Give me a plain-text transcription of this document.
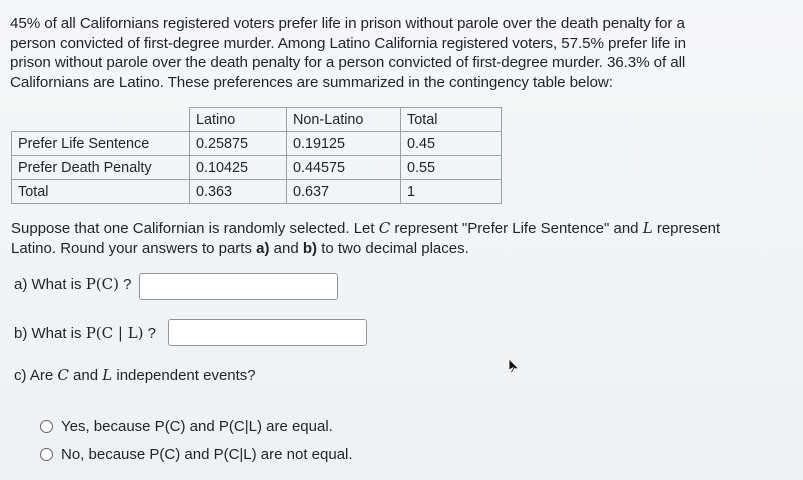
45% of all Californians registered voters prefer life in prison without parole over the death penalty for a
person convicted of first-degree murder. Among Latino California registered voters, 57.5% prefer life in
prison without parole over the death penalty for a person convicted of first-degree murder. 36.3% of all
Californians are Latino. These preferences are summarized in the contingency table below:
	Latino	Non-Latino	Total
Prefer Life Sentence	0.25875	0.19125	0.45
Prefer Death Penalty	0.10425	0.44575	0.55
Total	0.363	0.637	1
Suppose that one Californian is randomly selected. Let C represent "Prefer Life Sentence" and L represent
Latino. Round your answers to parts a) and b) to two decimal places.
a) What is P(C) ?
b) What is P(C | L) ?
c) Are C and L independent events?
Yes, because P(C) and P(C|L) are equal.
No, because P(C) and P(C|L) are not equal.
